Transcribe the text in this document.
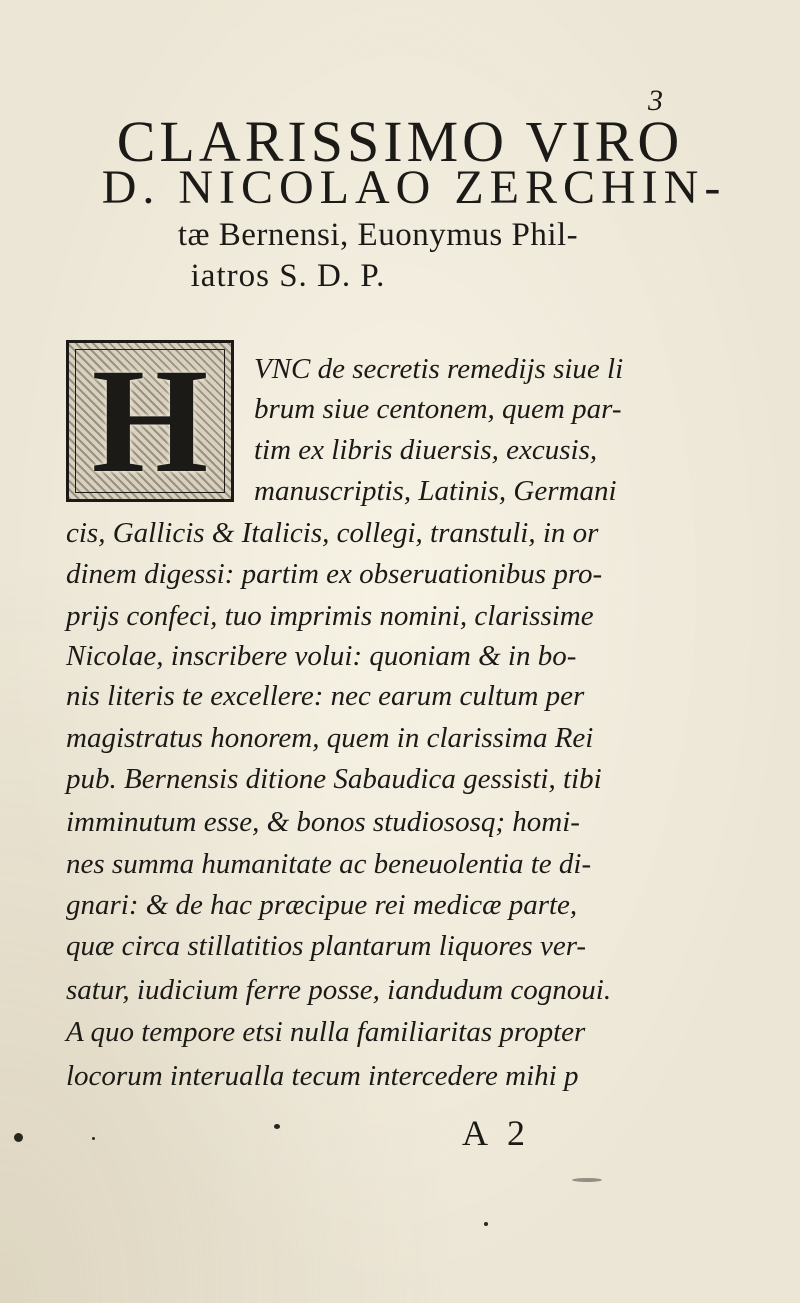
3
CLARISSIMO VIRO
D. NICOLAO ZERCHIN-
tæ Bernensi, Euonymus Phil-
iatros S. D. P.
H	VNC de secretis remedijs siue li
brum siue centonem, quem par-
tim ex libris diuersis, excusis,
manuscriptis, Latinis, Germani
cis, Gallicis & Italicis, collegi, transtuli, in or
dinem digessi: partim ex obseruationibus pro-
prijs confeci, tuo imprimis nomini, clarissime
Nicolae, inscribere volui: quoniam & in bo-
nis literis te excellere: nec earum cultum per
magistratus honorem, quem in clarissima Rei
pub. Bernensis ditione Sabaudica gessisti, tibi
imminutum esse, & bonos studiososq; homi-
nes summa humanitate ac beneuolentia te di-
gnari: & de hac præcipue rei medicæ parte,
quæ circa stillatitios plantarum liquores ver-
satur, iudicium ferre posse, iandudum cognoui.
A quo tempore etsi nulla familiaritas propter
locorum interualla tecum intercedere mihi p
A 2
